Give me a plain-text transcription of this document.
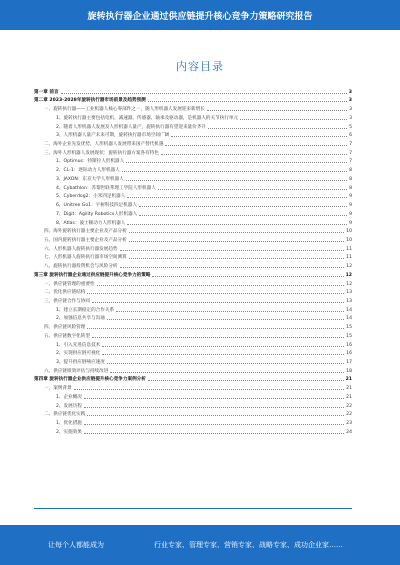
旋转执行器企业通过供应链提升核心竞争力策略研究报告
内容目录
第一章 前言	3
第二章 2023-2028年旋转执行器市场前景及趋势预测	3
一、旋转执行器——工业机器人核心零部件之一，随人形机器人发展迎来新增长	3
1、旋转执行器主要包括电机、减速器、传感器、轴承及驱动器，是机器人的关节执行单元	3
2、随着人形机器人发展及人形机器人量产，旋转执行器有望迎来量价齐升	5
3、人形机器人量产未来可期，旋转执行器市场空间广阔	6
二、海外企业先发优势，人形机器人发展带来国产替代机遇	7
三、海外人形机器人发展现状：旋转执行器方案各有特色	7
1、Optimus：特斯拉人形机器人	7
2、CL-1：逐际动力人形机器人	8
3、JAXON：东京大学人形机器人	8
4、Cybathlon：苏黎世联邦理工学院人形机器人	8
5、Cyberdog2：小米四足机器人	9
6、Unitree Go1：宇树科技四足机器人	9
7、Digit：Agility Robotics人形机器人	9
8、Atlas：波士顿动力人形机器人	9
四、海外旋转执行器主要企业及产品分析	10
五、国内旋转执行器主要企业及产品分析	10
六、人形机器人旋转执行器发展趋势	11
七、人形机器人旋转执行器市场空间测算	11
八、旋转执行器投资机会与风险分析	12
第三章 旋转执行器企业通过供应链提升核心竞争力的策略	12
一、供应链管理的重要性	12
二、优化供应链结构	13
三、供应链合作与协同	13
1、建立长期稳定的合作关系	14
2、加强信息共享与沟通	14
四、供应链风险管理	15
五、供应链数字化转型	15
1、引入先进信息技术	16
2、实现供应链可视化	16
3、提升供应链响应速度	17
六、供应链绩效评估与持续改进	18
第四章 旋转执行器企业供应链提升核心竞争力案例分析	21
一、案例背景	21
1、企业概况	21
2、发展历程	22
二、供应链优化实践	22
1、优化措施	23
2、实施效果	24
让每个人都能成为	行业专家、管理专家、营销专家、战略专家、成功企业家……
